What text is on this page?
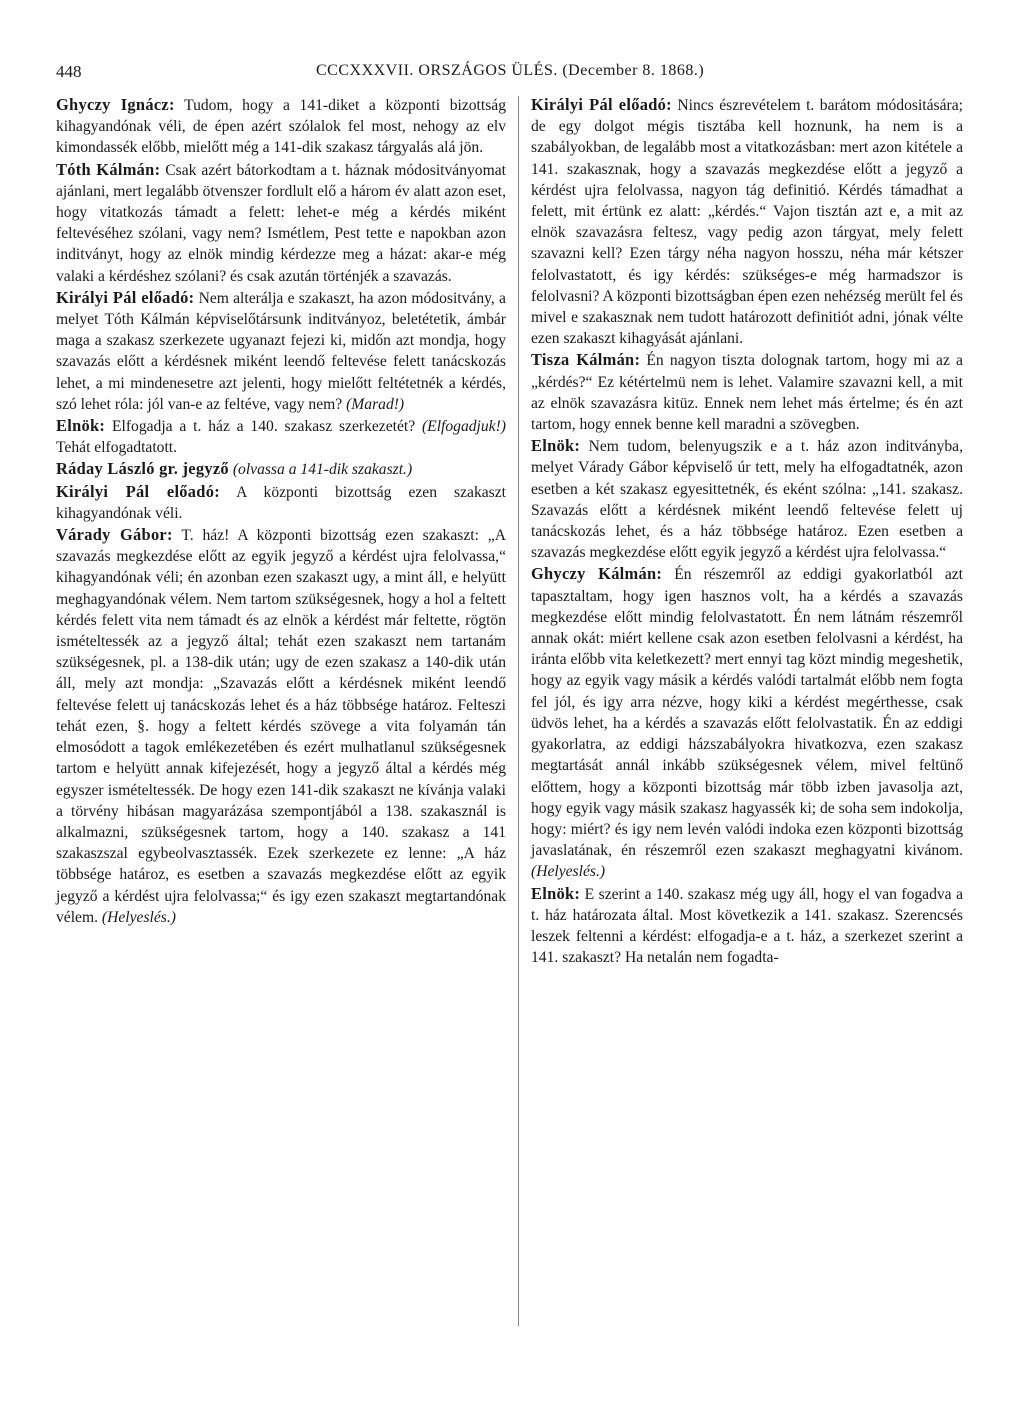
448	CCCXXXVII. ORSZÁGOS ÜLÉS. (December 8. 1868.)

Ghyczy Ignácz: Tudom, hogy a 141-diket a központi bizottság kihagyandónak véli, de épen azért szólalok fel most, nehogy az elv kimondassék előbb, mielőtt még a 141-dik szakasz tárgyalás alá jön.

Tóth Kálmán: Csak azért bátorkodtam a t. háznak módositványomat ajánlani, mert legalább ötvenszer fordlult elő a három év alatt azon eset, hogy vitatkozás támadt a felett: lehet-e még a kérdés miként feltevéséhez szólani, vagy nem? Ismétlem, Pest tette e napokban azon inditványt, hogy az elnök mindig kérdezze meg a házat: akar-e még valaki a kérdéshez szólani? és csak azután történjék a szavazás.

Királyi Pál előadó: Nem alterálja e szakaszt, ha azon módositvány, a melyet Tóth Kálmán képviselőtársunk inditványoz, beletétetik, ámbár maga a szakasz szerkezete ugyanazt fejezi ki, midőn azt mondja, hogy szavazás előtt a kérdésnek miként leendő feltevése felett tanácskozás lehet, a mi mindenesetre azt jelenti, hogy mielőtt feltétetnék a kérdés, szó lehet róla: jól van-e az feltéve, vagy nem? (Marad!)

Elnök: Elfogadja a t. ház a 140. szakasz szerkezetét? (Elfogadjuk!) Tehát elfogadtatott.

Ráday László gr. jegyző (olvassa a 141-dik szakaszt.)

Királyi Pál előadó: A központi bizottság ezen szakaszt kihagyandónak véli.

Várady Gábor: T. ház! A központi bizottság ezen szakaszt: „A szavazás megkezdése előtt az egyik jegyző a kérdést ujra felolvassa,“ kihagyandónak véli; én azonban ezen szakaszt ugy, a mint áll, e helyütt meghagyandónak vélem. Nem tartom szükségesnek, hogy a hol a feltett kérdés felett vita nem támadt és az elnök a kérdést már feltette, rögtön ismételtessék az a jegyző által; tehát ezen szakaszt nem tartanám szükségesnek, pl. a 138-dik után; ugy de ezen szakasz a 140-dik után áll, mely azt mondja: „Szavazás előtt a kérdésnek miként leendő feltevése felett uj tanácskozás lehet és a ház többsége határoz. Felteszi tehát ezen, §. hogy a feltett kérdés szövege a vita folyamán tán elmosódott a tagok emlékezetében és ezért mulhatlanul szükségesnek tartom e helyütt annak kifejezését, hogy a jegyző által a kérdés még egyszer ismételtessék. De hogy ezen 141-dik szakaszt ne kívánja valaki a törvény hibásan magyarázása szempontjából a 138. szakasznál is alkalmazni, szükségesnek tartom, hogy a 140. szakasz a 141 szakaszszal egybeolvasztassék. Ezek szerkezete ez lenne: „A ház többsége határoz, es esetben a szavazás megkezdése előtt az egyik jegyző a kérdést ujra felolvassa;“ és igy ezen szakaszt megtartandónak vélem. (Helyeslés.)

Királyi Pál előadó: Nincs észrevételem t. barátom módositására; de egy dolgot mégis tisztába kell hoznunk, ha nem is a szabályokban, de legalább most a vitatkozásban: mert azon kitétele a 141. szakasznak, hogy a szavazás megkezdése előtt a jegyző a kérdést ujra felolvassa, nagyon tág definitió. Kérdés támadhat a felett, mit értünk ez alatt: „kérdés.“ Vajon tisztán azt e, a mit az elnök szavazásra feltesz, vagy pedig azon tárgyat, mely felett szavazni kell? Ezen tárgy néha nagyon hosszu, néha már kétszer felolvastatott, és igy kérdés: szükséges-e még harmadszor is felolvasni? A központi bizottságban épen ezen nehézség merült fel és mivel e szakasznak nem tudott határozott definitiót adni, jónak vélte ezen szakaszt kihagyását ajánlani.

Tisza Kálmán: Én nagyon tiszta dolognak tartom, hogy mi az a „kérdés?“ Ez kétértelmü nem is lehet. Valamire szavazni kell, a mit az elnök szavazásra kitüz. Ennek nem lehet más értelme; és én azt tartom, hogy ennek benne kell maradni a szövegben.

Elnök: Nem tudom, belenyugszik e a t. ház azon inditványba, melyet Várady Gábor képviselő úr tett, mely ha elfogadtatnék, azon esetben a két szakasz egyesittetnék, és eként szólna: „141. szakasz. Szavazás előtt a kérdésnek miként leendő feltevése felett uj tanácskozás lehet, és a ház többsége határoz. Ezen esetben a szavazás megkezdése előtt egyik jegyző a kérdést ujra felolvassa.“

Ghyczy Kálmán: Én részemről az eddigi gyakorlatból azt tapasztaltam, hogy igen hasznos volt, ha a kérdés a szavazás megkezdése előtt mindig felolvastatott. Én nem látnám részemről annak okát: miért kellene csak azon esetben felolvasni a kérdést, ha iránta előbb vita keletkezett? mert ennyi tag közt mindig megeshetik, hogy az egyik vagy másik a kérdés valódi tartalmát előbb nem fogta fel jól, és igy arra nézve, hogy kiki a kérdést megérthesse, csak üdvös lehet, ha a kérdés a szavazás előtt felolvastatik. Én az eddigi gyakorlatra, az eddigi házszabályokra hivatkozva, ezen szakasz megtartását annál inkább szükségesnek vélem, mivel feltünő előttem, hogy a központi bizottság már több izben javasolja azt, hogy egyik vagy másik szakasz hagyassék ki; de soha sem indokolja, hogy: miért? és igy nem levén valódi indoka ezen központi bizottság javaslatának, én részemről ezen szakaszt meghagyatni kivánom. (Helyeslés.)

Elnök: E szerint a 140. szakasz még ugy áll, hogy el van fogadva a t. ház határozata által. Most következik a 141. szakasz. Szerencsés leszek feltenni a kérdést: elfogadja-e a t. ház, a szerkezet szerint a 141. szakaszt? Ha netalán nem fogadta-
